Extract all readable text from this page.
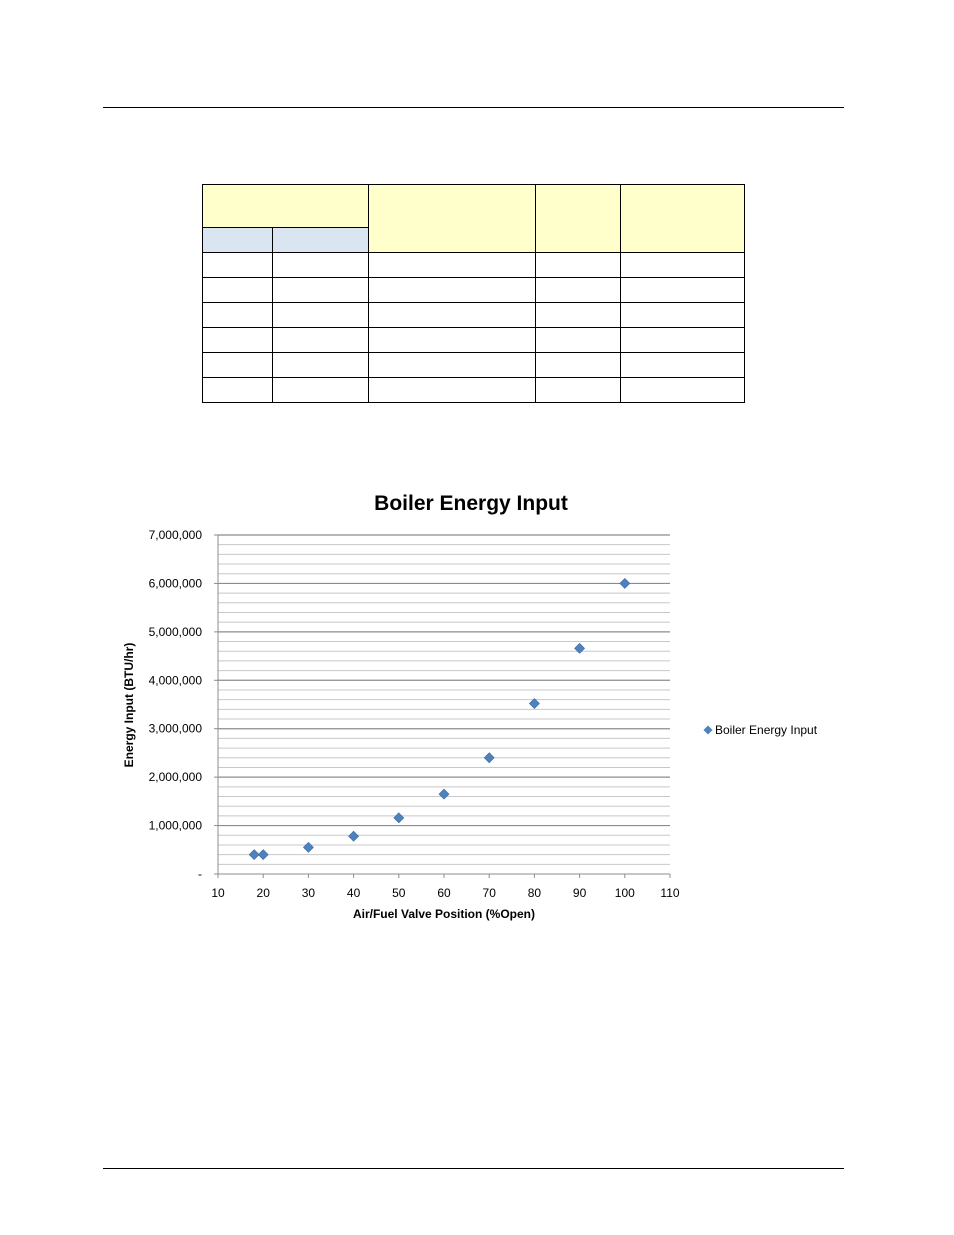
Boiler Energy Input
-
1,000,000
2,000,000
3,000,000
4,000,000
5,000,000
6,000,000
7,000,000
10	20	30	40	50	60	70	80	90 100 110
Air/Fuel Valve Position (%Open)
Energy Input (BTU/hr)	Boiler Energy Input
